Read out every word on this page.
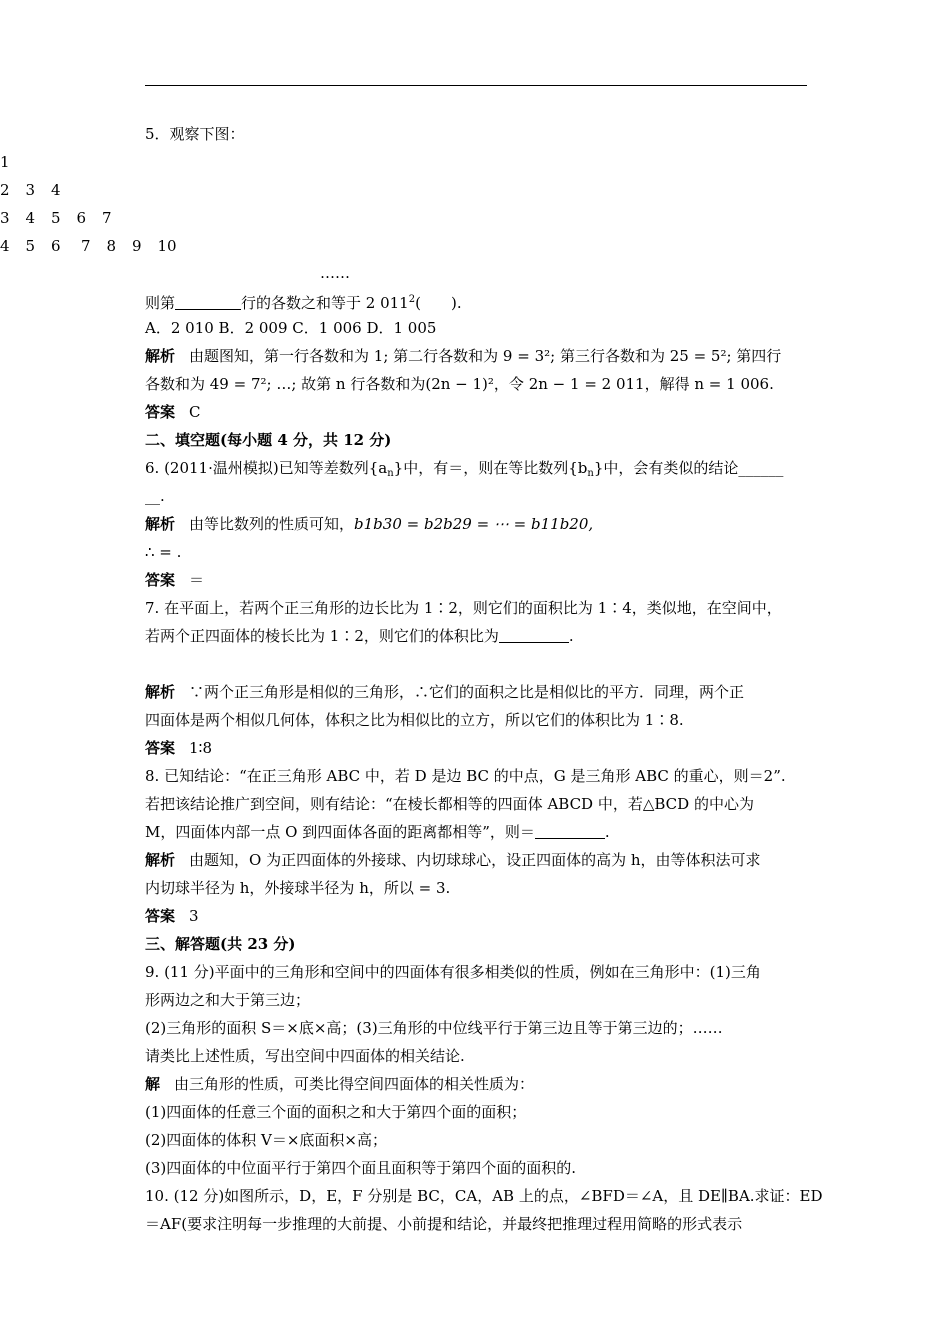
5．观察下图：
……
则第	行的各数之和等于 2 $011^2$(　　).
A．2 010 B．2 009 C．1 006 D．1 005
解析 由题图知，第一行各数和为 1; 第二行各数和为 9 = 3²; 第三行各数和为 25 = 5²; 第四行
各数和为 49 = 7²; …; 故第 n 行各数和为(2n − 1)²，令 2n − 1 = 2 011，解得 n = 1 006.
答案 C
二、填空题(每小题 4 分，共 12 分)
6. (2011·温州模拟)已知等差数列$\{a_n\}$中，有＝，则在等比数列$\{b_n\}$中，会有类似的结论______
__.
解析 由等比数列的性质可知，b1b30 = b2b29 = ⋯ = b11b20,
∴ = .
答案 ＝
7. 在平面上，若两个正三角形的边长比为 1∶2，则它们的面积比为 1∶4，类似地，在空间中，
若两个正四面体的棱长比为 1∶2，则它们的体积比为	.
解析 ∵两个正三角形是相似的三角形，∴它们的面积之比是相似比的平方．同理，两个正
四面体是两个相似几何体，体积之比为相似比的立方，所以它们的体积比为 1∶8.
答案 1∶8
8. 已知结论：“在正三角形 ABC 中，若 D 是边 BC 的中点，G 是三角形 ABC 的重心，则＝2”.
若把该结论推广到空间，则有结论：“在棱长都相等的四面体 ABCD 中，若△BCD 的中心为
M，四面体内部一点 O 到四面体各面的距离都相等”，则＝	.
解析 由题知，O 为正四面体的外接球、内切球球心，设正四面体的高为 h，由等体积法可求
内切球半径为 h，外接球半径为 h，所以 = 3.
答案 3
三、解答题(共 23 分)
9. (11 分)平面中的三角形和空间中的四面体有很多相类似的性质，例如在三角形中：(1)三角
形两边之和大于第三边；
(2)三角形的面积 S＝×底×高；(3)三角形的中位线平行于第三边且等于第三边的；……
请类比上述性质，写出空间中四面体的相关结论.
解 由三角形的性质，可类比得空间四面体的相关性质为：
(1)四面体的任意三个面的面积之和大于第四个面的面积；
(2)四面体的体积 V＝×底面积×高；
(3)四面体的中位面平行于第四个面且面积等于第四个面的面积的.
10. (12 分)如图所示，D，E，F 分别是 BC，CA，AB 上的点，∠BFD＝∠A，且 DE∥BA.求证：ED
＝AF(要求注明每一步推理的大前提、小前提和结论，并最终把推理过程用简略的形式表示
1
2 3 4
3 4 5 6 7
4 5 6 7 8 9 10
